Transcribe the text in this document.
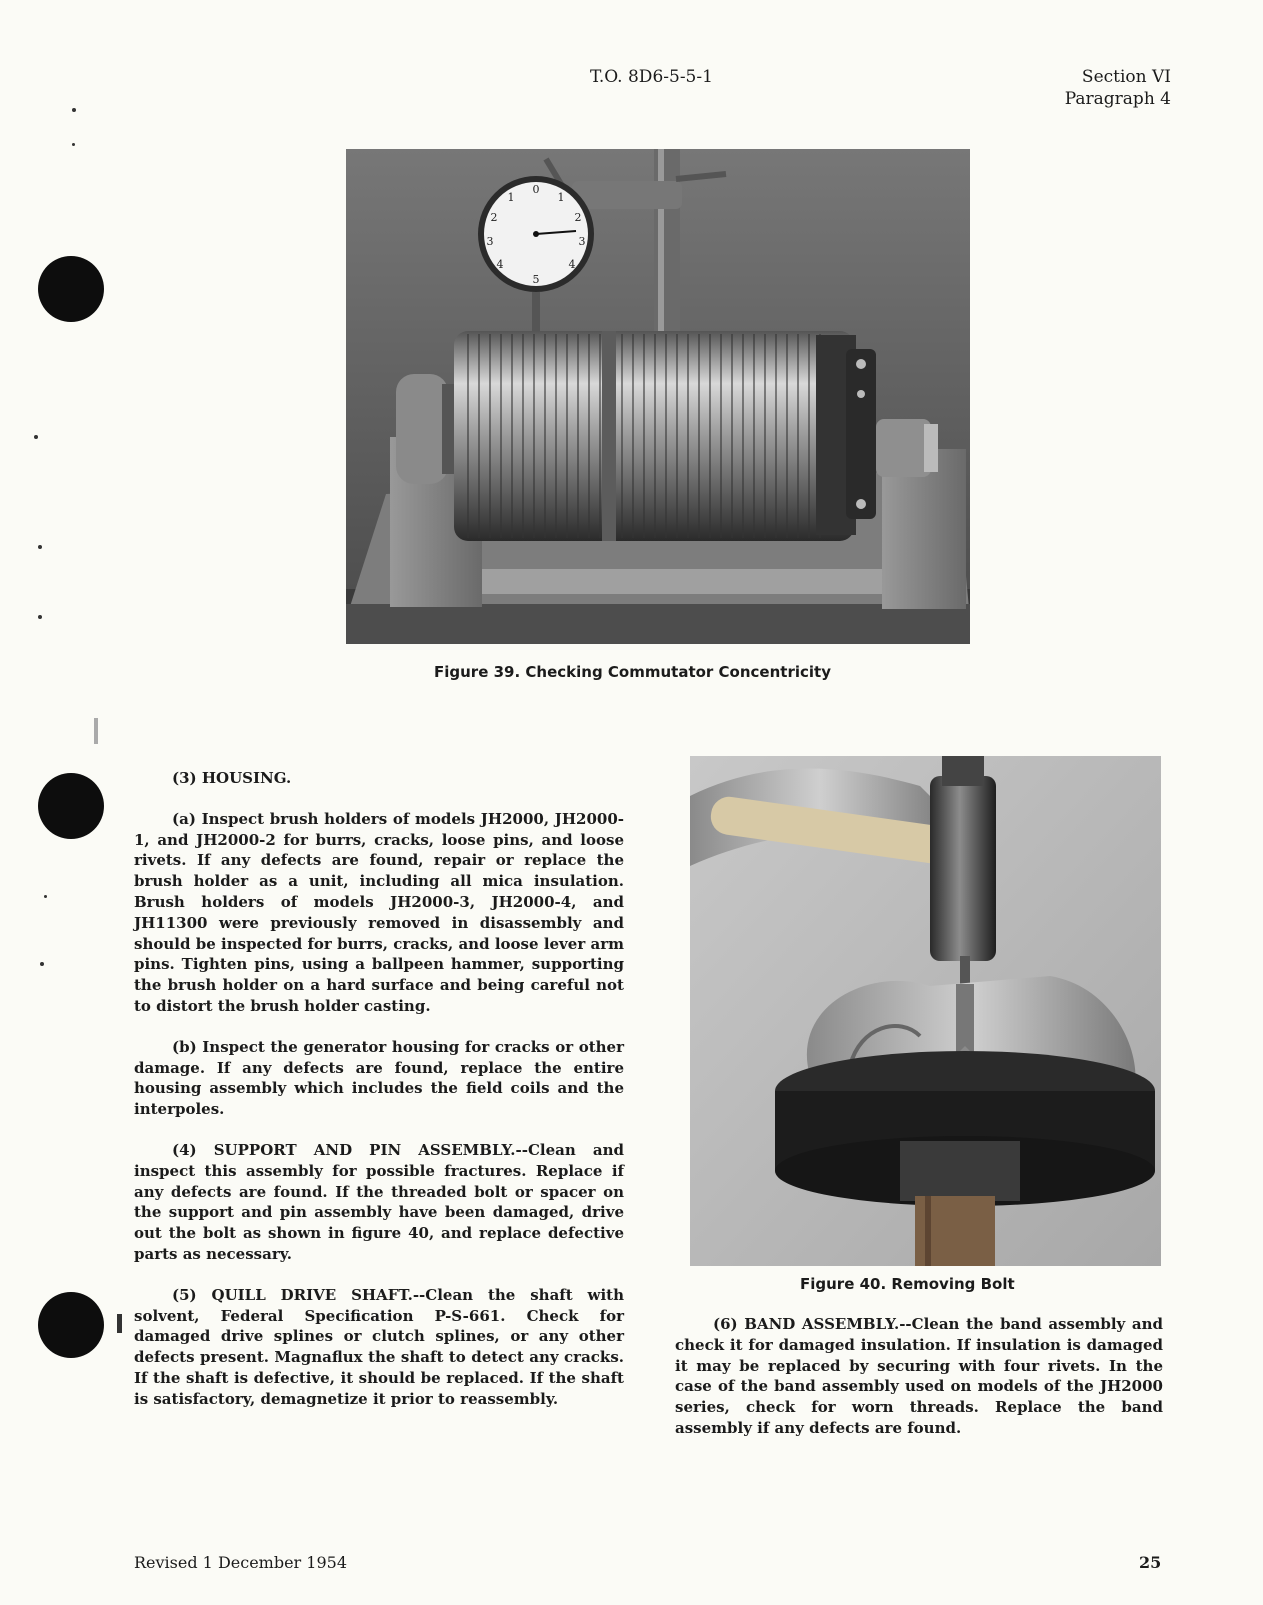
T.O. 8D6-5-5-1	Section VI
Paragraph 4
0
1
2
3
4
5
4
3
2
1
Figure 39. Checking Commutator Concentricity
Figure 40. Removing Bolt

(3) HOUSING.

(a) Inspect brush holders of models JH2000, JH2000-1, and JH2000-2 for burrs, cracks, loose pins, and loose rivets. If any defects are found, repair or replace the brush holder as a unit, including all mica insulation. Brush holders of models JH2000-3, JH2000-4, and JH11300 were previously removed in disassembly and should be inspected for burrs, cracks, and loose lever arm pins. Tighten pins, using a ballpeen hammer, supporting the brush holder on a hard surface and being careful not to distort the brush holder casting.

(b) Inspect the generator housing for cracks or other damage. If any defects are found, replace the entire housing assembly which includes the field coils and the interpoles.

(4) SUPPORT AND PIN ASSEMBLY.--Clean and inspect this assembly for possible fractures. Replace if any defects are found. If the threaded bolt or spacer on the support and pin assembly have been damaged, drive out the bolt as shown in figure 40, and replace defective parts as necessary.

(5) QUILL DRIVE SHAFT.--Clean the shaft with solvent, Federal Specification P-S-661. Check for damaged drive splines or clutch splines, or any other defects present. Magnaflux the shaft to detect any cracks. If the shaft is defective, it should be replaced. If the shaft is satisfactory, demagnetize it prior to reassembly.

(6) BAND ASSEMBLY.--Clean the band assembly and check it for damaged insulation. If insulation is damaged it may be replaced by securing with four rivets. In the case of the band assembly used on models of the JH2000 series, check for worn threads. Replace the band assembly if any defects are found.

Revised 1 December 1954	25
